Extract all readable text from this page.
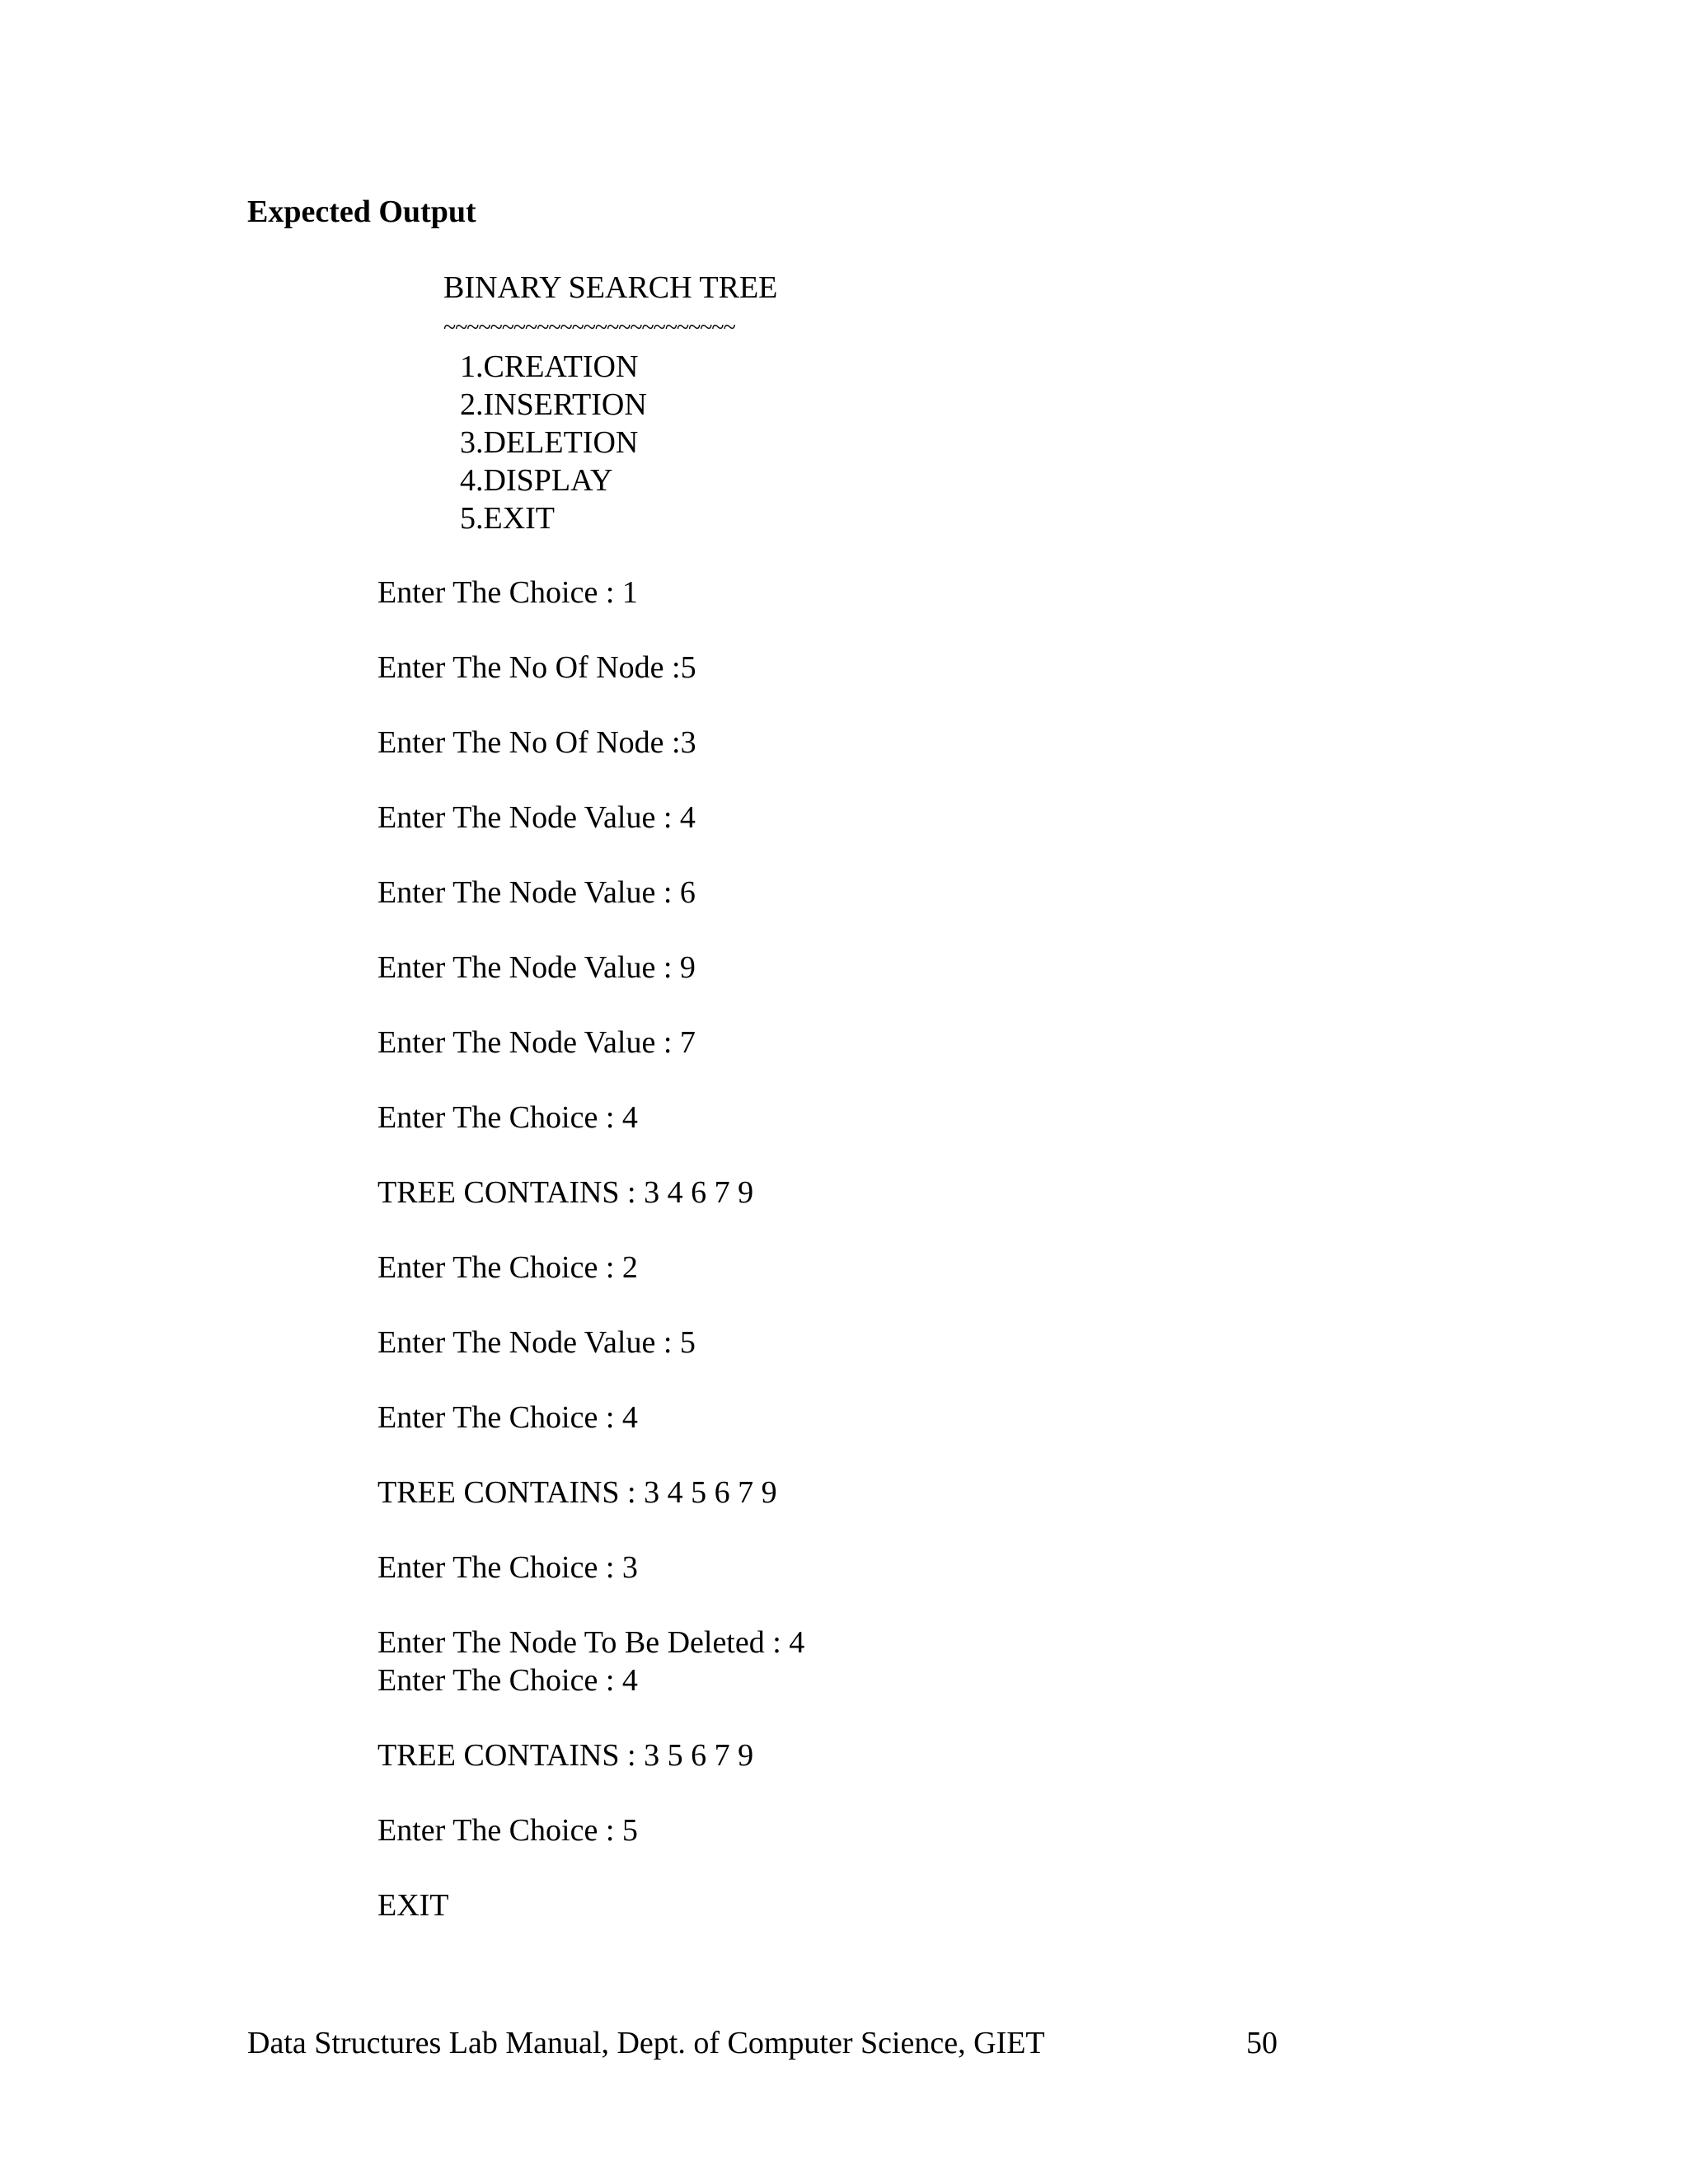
Expected Output
BINARY SEARCH TREE
~~~~~~~~~~~~~~~~~~~~~~~~~
1.CREATION
2.INSERTION
3.DELETION
4.DISPLAY
5.EXIT
Enter The Choice : 1
Enter The No Of Node :5
Enter The No Of Node :3
Enter The Node Value : 4
Enter The Node Value : 6
Enter The Node Value : 9
Enter The Node Value : 7
Enter The Choice : 4
TREE CONTAINS : 3 4 6 7 9
Enter The Choice : 2
Enter The Node Value : 5
Enter The Choice : 4
TREE CONTAINS : 3 4 5 6 7 9
Enter The Choice : 3
Enter The Node To Be Deleted : 4
Enter The Choice : 4
TREE CONTAINS : 3 5 6 7 9
Enter The Choice : 5
EXIT
Data Structures Lab Manual, Dept. of Computer Science, GIET	50
